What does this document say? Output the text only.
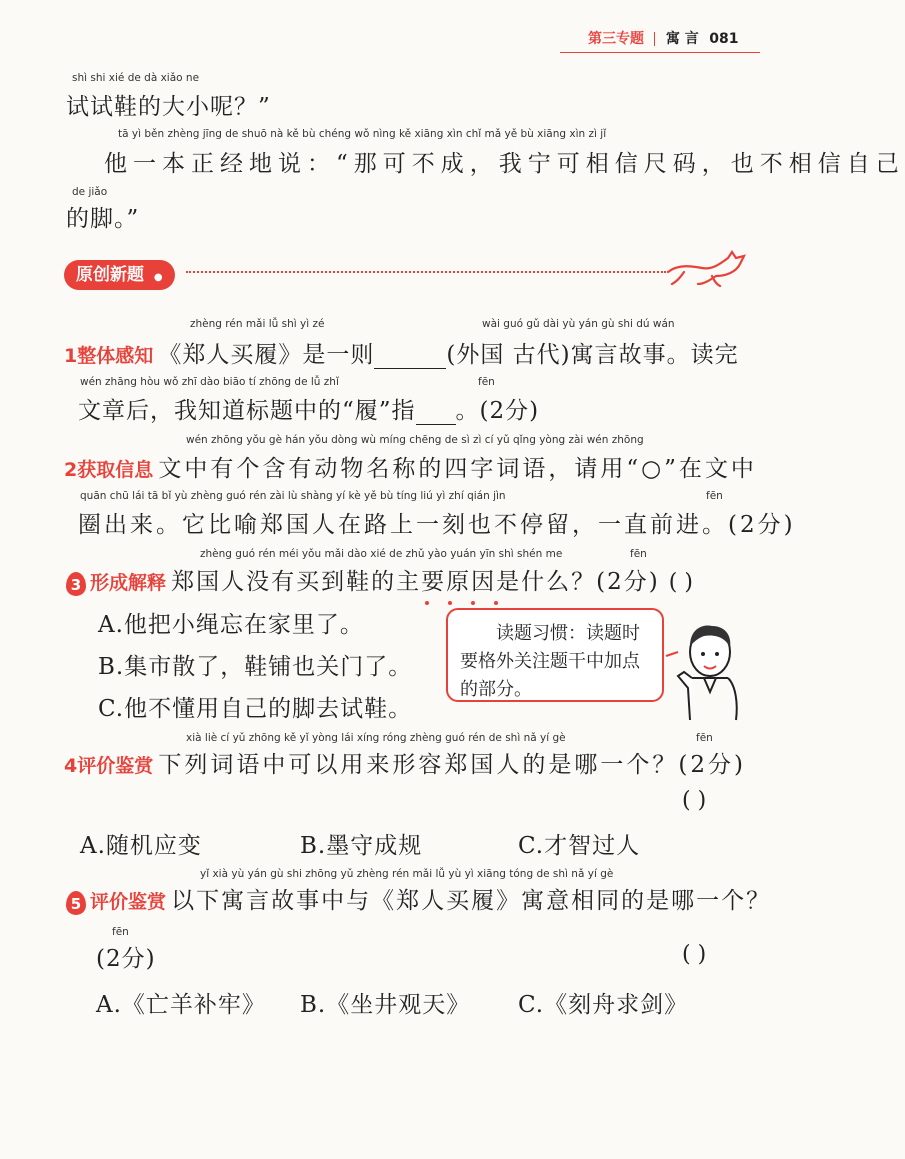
第三专题 寓 言 081
shì shi xié de dà xiǎo ne
试试鞋的大小呢？”
tā yì běn zhèng jīng de shuō nà kě bù chéng wǒ nìng kě xiāng xìn chǐ mǎ yě bù xiāng xìn zì jǐ
他一本正经地说：“那可不成，我宁可相信尺码，也不相信自己
de jiǎo
的脚。”
原创新题 ●
zhèng rén mǎi lǚ shì yì zé	wài guó gǔ dài yù yán gù shi dú wán
1整体感知 《郑人买履》是一则	(外国 古代)寓言故事。读完
wén zhāng hòu wǒ zhī dào biāo tí zhōng de lǚ zhǐ	fēn
文章后，我知道标题中的“履”指 。(2分)
wén zhōng yǒu gè hán yǒu dòng wù míng chēng de sì zì cí yǔ qǐng yòng zài wén zhōng
2获取信息 文中有个含有动物名称的四字词语，请用“○”在文中
quān chū lái tā bǐ yù zhèng guó rén zài lù shàng yí kè yě bù tíng liú yì zhí qián jìn	fēn
圈出来。它比喻郑国人在路上一刻也不停留，一直前进。(2分)
zhèng guó rén méi yǒu mǎi dào xié de zhǔ yào yuán yīn shì shén me	fēn
3 形成解释 郑国人没有买到鞋的主要原因是什么？(2分) ( )
A.他把小绳忘在家里了。
B.集市散了，鞋铺也关门了。
C.他不懂用自己的脚去试鞋。
读题习惯：读题时
要格外关注题干中加点
的部分。
xià liè cí yǔ zhōng kě yǐ yòng lái xíng róng zhèng guó rén de shì nǎ yí gè	fēn
4评价鉴赏 下列词语中可以用来形容郑国人的是哪一个？(2分)
( )
A.随机应变	B.墨守成规	C.才智过人
yǐ xià yù yán gù shi zhōng yǔ zhèng rén mǎi lǚ yù yì xiāng tóng de shì nǎ yí gè
5 评价鉴赏 以下寓言故事中与《郑人买履》寓意相同的是哪一个？
fēn
(2分)	( )
A.《亡羊补牢》 B.《坐井观天》 C.《刻舟求剑》
